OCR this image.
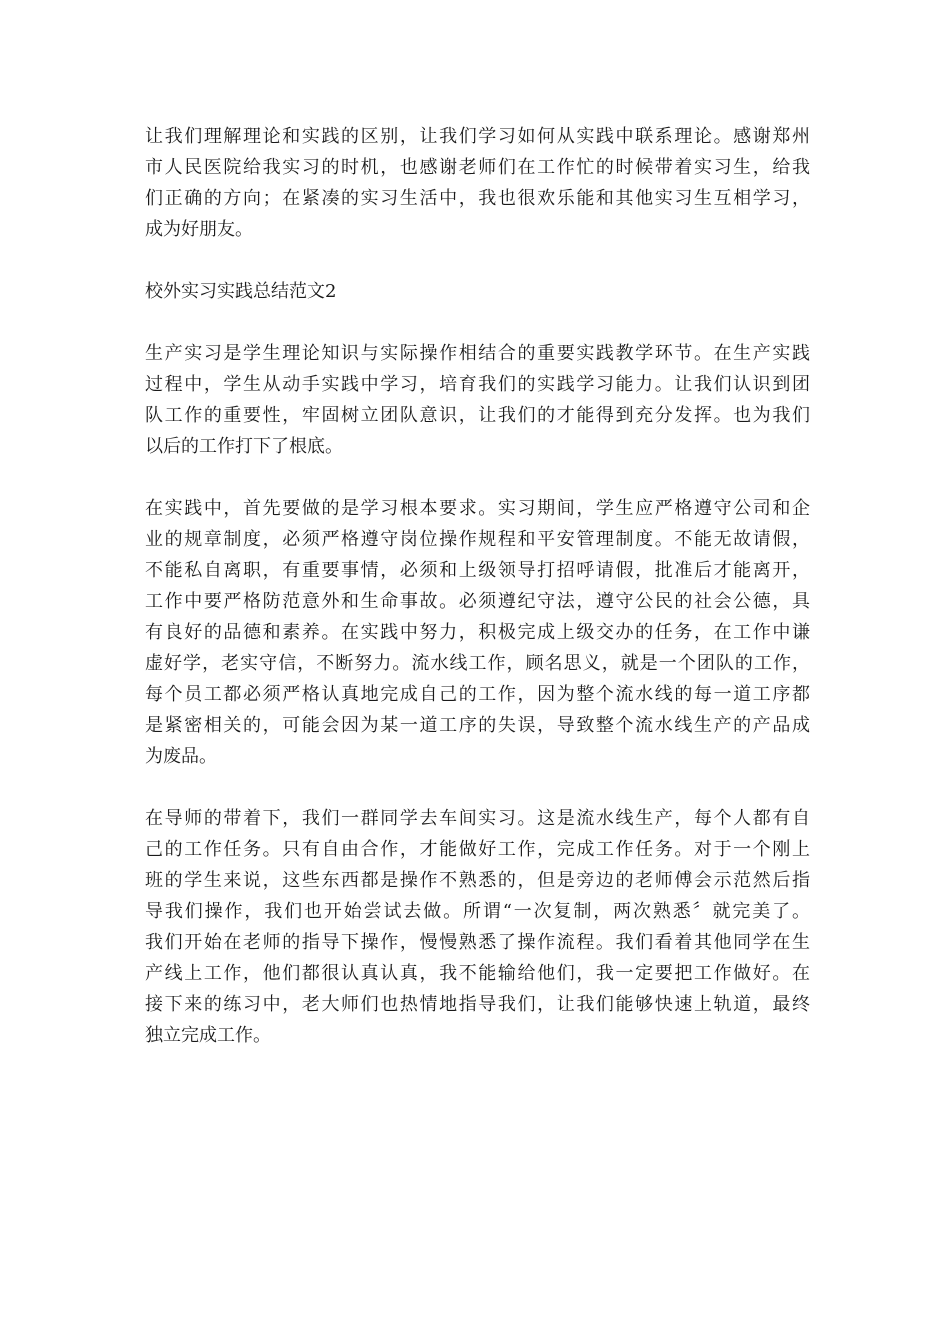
让我们理解理论和实践的区别，让我们学习如何从实践中联系理论。感谢郑州
市人民医院给我实习的时机，也感谢老师们在工作忙的时候带着实习生，给我
们正确的方向；在紧凑的实习生活中，我也很欢乐能和其他实习生互相学习，
成为好朋友。
校外实习实践总结范文2
生产实习是学生理论知识与实际操作相结合的重要实践教学环节。在生产实践
过程中，学生从动手实践中学习，培育我们的实践学习能力。让我们认识到团
队工作的重要性，牢固树立团队意识，让我们的才能得到充分发挥。也为我们
以后的工作打下了根底。
在实践中，首先要做的是学习根本要求。实习期间，学生应严格遵守公司和企
业的规章制度，必须严格遵守岗位操作规程和平安管理制度。不能无故请假，
不能私自离职，有重要事情，必须和上级领导打招呼请假，批准后才能离开，
工作中要严格防范意外和生命事故。必须遵纪守法，遵守公民的社会公德，具
有良好的品德和素养。在实践中努力，积极完成上级交办的任务，在工作中谦
虚好学，老实守信，不断努力。流水线工作，顾名思义，就是一个团队的工作，
每个员工都必须严格认真地完成自己的工作，因为整个流水线的每一道工序都
是紧密相关的，可能会因为某一道工序的失误，导致整个流水线生产的产品成
为废品。
在导师的带着下，我们一群同学去车间实习。这是流水线生产，每个人都有自
己的工作任务。只有自由合作，才能做好工作，完成工作任务。对于一个刚上
班的学生来说，这些东西都是操作不熟悉的，但是旁边的老师傅会示范然后指
导我们操作，我们也开始尝试去做。所谓“一次复制，两次熟悉〞就完美了。
我们开始在老师的指导下操作，慢慢熟悉了操作流程。我们看着其他同学在生
产线上工作，他们都很认真认真，我不能输给他们，我一定要把工作做好。在
接下来的练习中，老大师们也热情地指导我们，让我们能够快速上轨道，最终
独立完成工作。
